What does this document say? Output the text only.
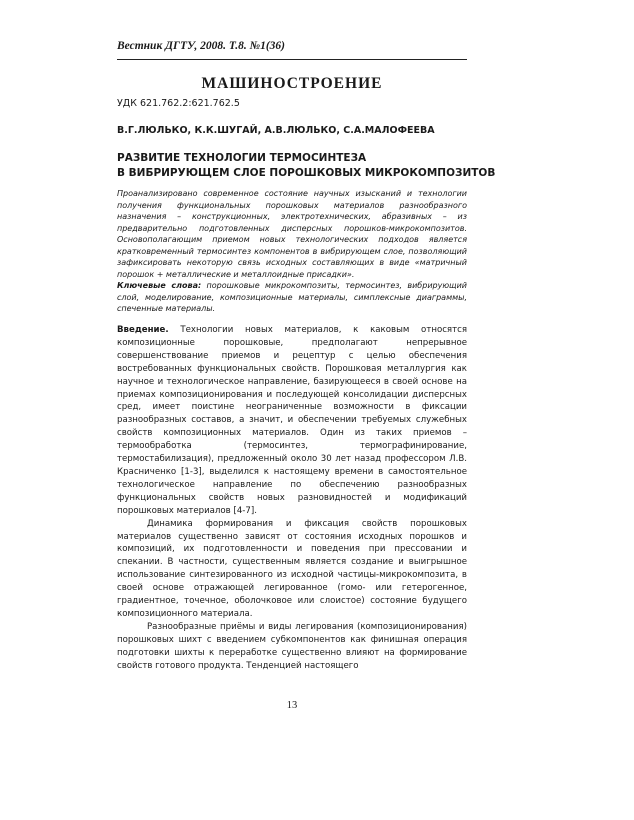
Вестник ДГТУ, 2008. Т.8. №1(36)
МАШИНОСТРОЕНИЕ
УДК 621.762.2:621.762.5
В.Г.ЛЮЛЬКО, К.К.ШУГАЙ, А.В.ЛЮЛЬКО, С.А.МАЛОФЕЕВА
РАЗВИТИЕ ТЕХНОЛОГИИ ТЕРМОСИНТЕЗА
В ВИБРИРУЮЩЕМ СЛОЕ ПОРОШКОВЫХ МИКРОКОМПОЗИТОВ

Проанализировано современное состояние научных изысканий и технологии получения функциональных порошковых материалов разнообразного назначения – конструкционных, электротехнических, абразивных – из предварительно подготовленных дисперсных порошков-микрокомпозитов. Основополагающим приемом новых технологических подходов является кратковременный термосинтез компонентов в вибрирующем слое, позволяющий зафиксировать некоторую связь исходных составляющих в виде «матричный порошок + металлические и металлоидные присадки».

Ключевые слова: порошковые микрокомпозиты, термосинтез, вибрирующий слой, моделирование, композиционные материалы, симплексные диаграммы, спеченные материалы.

Введение. Технологии новых материалов, к каковым относятся композиционные порошковые, предполагают непрерывное совершенствование приемов и рецептур с целью обеспечения востребованных функциональных свойств. Порошковая металлургия как научное и технологическое направление, базирующееся в своей основе на приемах композиционирования и последующей консолидации дисперсных сред, имеет поистине неограниченные возможности в фиксации разнообразных составов, а значит, и обеспечении требуемых служебных свойств композиционных материалов. Один из таких приемов – термообработка (термосинтез, термографинирование, термостабилизация), предложенный около 30 лет назад профессором Л.В. Красниченко [1-3], выделился к настоящему времени в самостоятельное технологическое направление по обеспечению разнообразных функциональных свойств новых разновидностей и модификаций порошковых материалов [4-7].

Динамика формирования и фиксация свойств порошковых материалов существенно зависят от состояния исходных порошков и композиций, их подготовленности и поведения при прессовании и спекании. В частности, существенным является создание и выигрышное использование синтезированного из исходной частицы-микрокомпозита, в своей основе отражающей легированное (гомо- или гетерогенное, градиентное, точечное, оболочковое или слоистое) состояние будущего композиционного материала.

Разнообразные приёмы и виды легирования (композиционирования) порошковых шихт с введением субкомпонентов как финишная операция подготовки шихты к переработке существенно влияют на формирование свойств готового продукта. Тенденцией настоящего

13
